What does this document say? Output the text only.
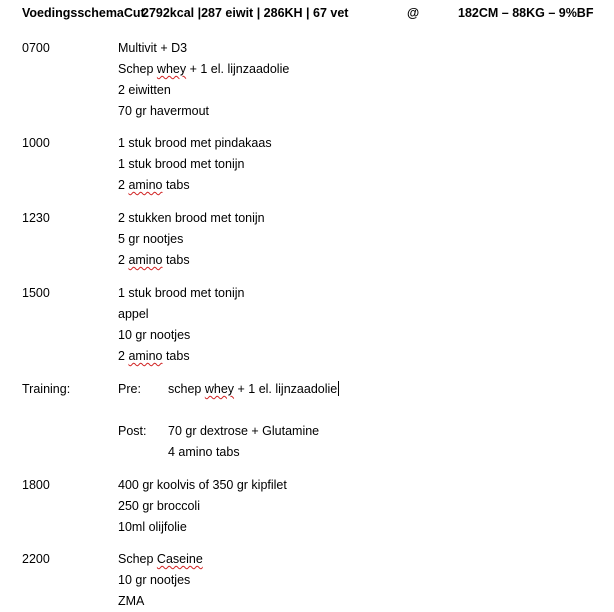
VoedingsschemaCut
2792kcal |287 eiwit | 286KH | 67 vet	@	182CM – 88KG – 9%BF
0700	Multivit + D3
Schep whey + 1 el. lijnzaadolie
2 eiwitten
70 gr havermout
1000	1 stuk brood met pindakaas
1 stuk brood met tonijn
2 amino tabs
1230	2 stukken brood met tonijn
5 gr nootjes
2 amino tabs
1500	1 stuk brood met tonijn
appel
10 gr nootjes
2 amino tabs
Training:	Pre: schep whey + 1 el. lijnzaadolie
Post: 70 gr dextrose + Glutamine
4 amino tabs
1800	400 gr koolvis of 350 gr kipfilet
250 gr broccoli
10ml olijfolie
2200	Schep Caseine
10 gr nootjes
ZMA
